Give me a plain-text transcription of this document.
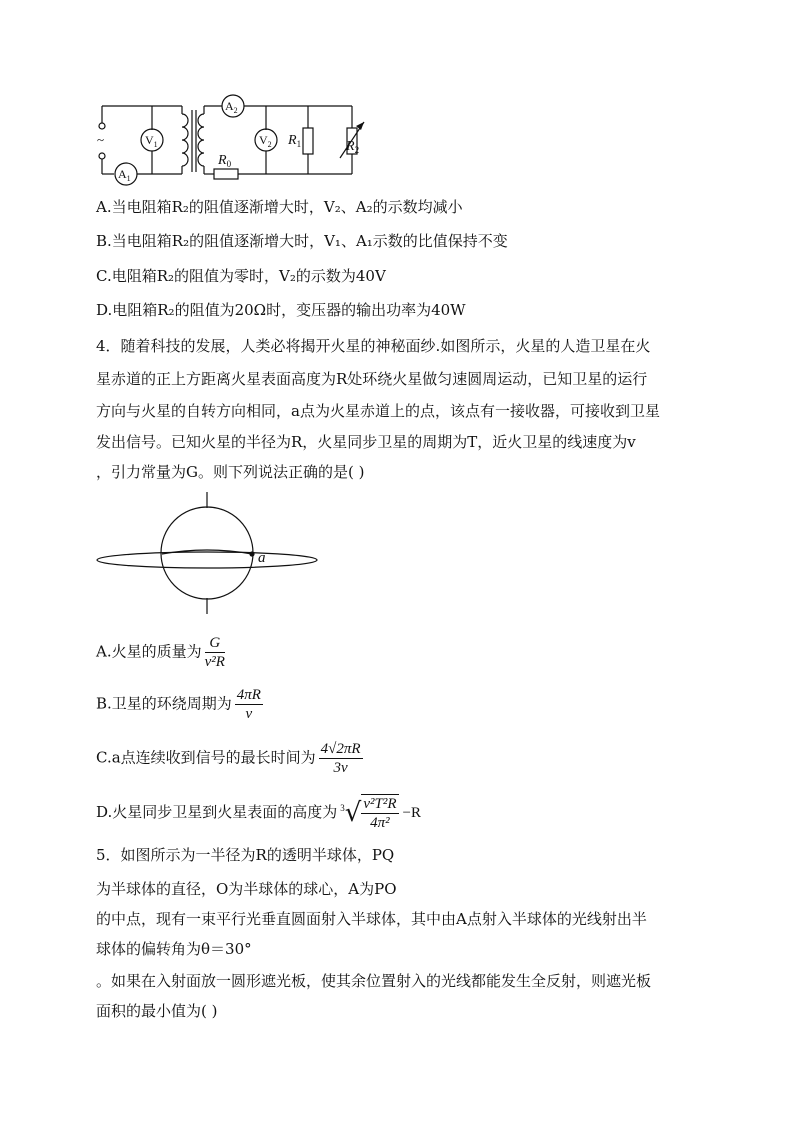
~
$A_1$
$V_1$
$A_2$
$V_2$
$R_0$
$R_1$	$R_2$
A.当电阻箱R₂的阻值逐渐增大时，V₂、A₂的示数均减小
B.当电阻箱R₂的阻值逐渐增大时，V₁、A₁示数的比值保持不变
C.电阻箱R₂的阻值为零时，V₂的示数为40V
D.电阻箱R₂的阻值为20Ω时，变压器的输出功率为40W
4．随着科技的发展，人类必将揭开火星的神秘面纱.如图所示，火星的人造卫星在火
星赤道的正上方距离火星表面高度为R处环绕火星做匀速圆周运动，已知卫星的运行
方向与火星的自转方向相同，a点为火星赤道上的点，该点有一接收器，可接收到卫星
发出信号。已知火星的半径为R，火星同步卫星的周期为T，近火卫星的线速度为v
，引力常量为G。则下列说法正确的是( )
a
A.火星的质量为 $\frac{G}{\text{v²R}}$
B.卫星的环绕周期为 $\frac{4\pi R}{v}$
C.a点连续收到信号的最长时间为 $\frac{4√2\pi R}{3v}$
D.火星同步卫星到火星表面的高度为 $^3√ \frac{\text{v²T²R}}{\text{4π²}} -R$
5．如图所示为一半径为R的透明半球体，PQ
为半球体的直径，O为半球体的球心，A为PO
的中点，现有一束平行光垂直圆面射入半球体，其中由A点射入半球体的光线射出半
球体的偏转角为θ＝30°
。如果在入射面放一圆形遮光板，使其余位置射入的光线都能发生全反射，则遮光板
面积的最小值为( )
